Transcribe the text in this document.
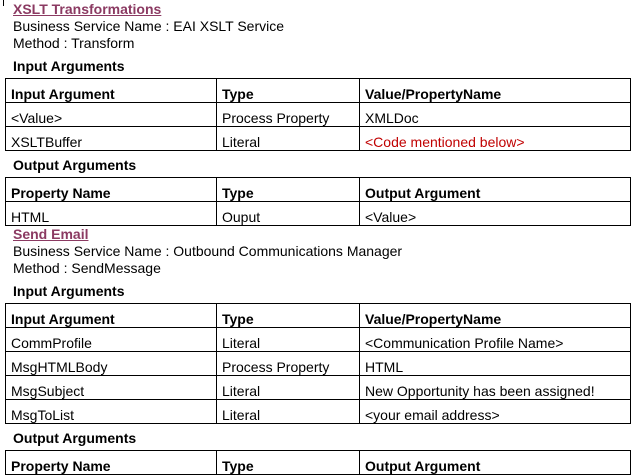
XSLT Transformations
Business Service Name : EAI XSLT Service
Method : Transform
Input Arguments
Input Argument	Type	Value/PropertyName
<Value>	Process Property	XMLDoc
XSLTBuffer	Literal	<Code mentioned below>
Output Arguments
Property Name	Type	Output Argument
HTML	Ouput	<Value>
Send Email
Business Service Name : Outbound Communications Manager
Method : SendMessage
Input Arguments
Input Argument	Type	Value/PropertyName
CommProfile	Literal	<Communication Profile Name>
MsgHTMLBody	Process Property	HTML
MsgSubject	Literal	New Opportunity has been assigned!
MsgToList	Literal	<your email address>
Output Arguments
Property Name	Type	Output Argument
